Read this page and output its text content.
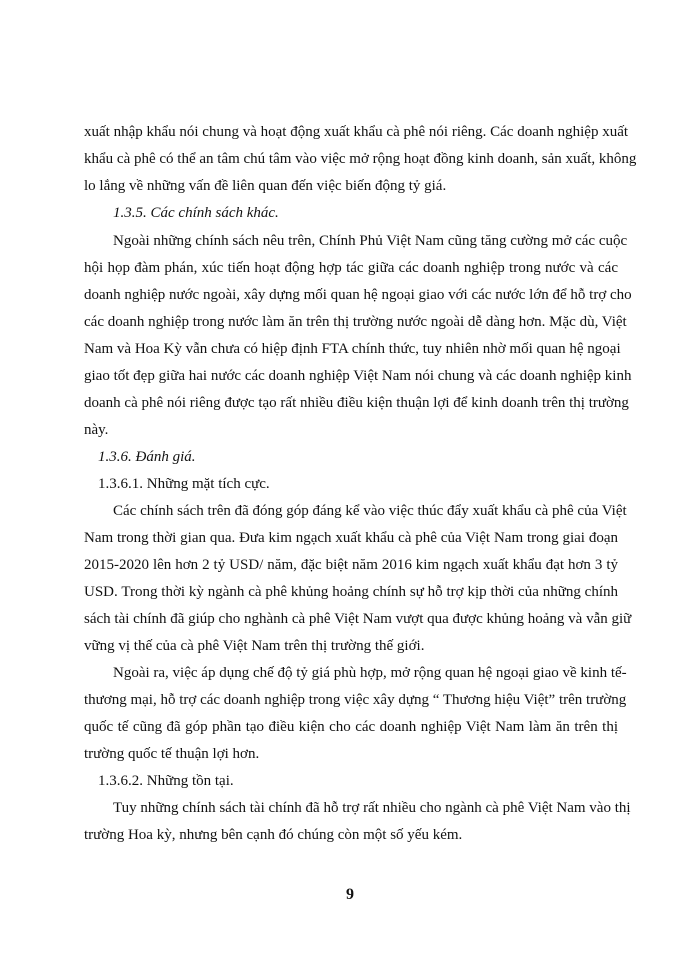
xuất nhập khẩu nói chung và hoạt động xuất khẩu cà phê nói riêng. Các doanh nghiệp xuất
khẩu cà phê có thể an tâm chú tâm vào việc mở rộng hoạt đồng kinh doanh, sản xuất, không
lo lắng về những vấn đề liên quan đến việc biến động tỷ giá.
1.3.5. Các chính sách khác.
Ngoài những chính sách nêu trên, Chính Phủ Việt Nam cũng tăng cường mở các cuộc
hội họp đàm phán, xúc tiến hoạt động hợp tác giữa các doanh nghiệp trong nước và các
doanh nghiệp nước ngoài, xây dựng mối quan hệ ngoại giao với các nước lớn để hỗ trợ cho
các doanh nghiệp trong nước làm ăn trên thị trường nước ngoài dễ dàng hơn. Mặc dù, Việt
Nam và Hoa Kỳ vẫn chưa có hiệp định FTA chính thức, tuy nhiên nhờ mối quan hệ ngoại
giao tốt đẹp giữa hai nước các doanh nghiệp Việt Nam nói chung và các doanh nghiệp kinh
doanh cà phê nói riêng được tạo rất nhiều điều kiện thuận lợi để kinh doanh trên thị trường
này.
1.3.6. Đánh giá.
1.3.6.1. Những mặt tích cực.
Các chính sách trên đã đóng góp đáng kể vào việc thúc đẩy xuất khẩu cà phê của Việt
Nam trong thời gian qua. Đưa kim ngạch xuất khẩu cà phê của Việt Nam trong giai đoạn
2015-2020 lên hơn 2 tỷ USD/ năm, đặc biệt năm 2016 kim ngạch xuất khẩu đạt hơn 3 tỷ
USD. Trong thời kỳ ngành cà phê khủng hoảng chính sự hỗ trợ kịp thời của những chính
sách tài chính đã giúp cho nghành cà phê Việt Nam vượt qua được khủng hoảng và vẫn giữ
vững vị thế của cà phê Việt Nam trên thị trường thế giới.
Ngoài ra, việc áp dụng chế độ tỷ giá phù hợp, mở rộng quan hệ ngoại giao về kinh tế-
thương mại, hỗ trợ các doanh nghiệp trong việc xây dựng “ Thương hiệu Việt” trên trường
quốc tế cũng đã góp phần tạo điều kiện cho các doanh nghiệp Việt Nam làm ăn trên thị
trường quốc tế thuận lợi hơn.
1.3.6.2. Những tồn tại.
Tuy những chính sách tài chính đã hỗ trợ rất nhiều cho ngành cà phê Việt Nam vào thị
trường Hoa kỳ, nhưng bên cạnh đó chúng còn một số yếu kém.
9
